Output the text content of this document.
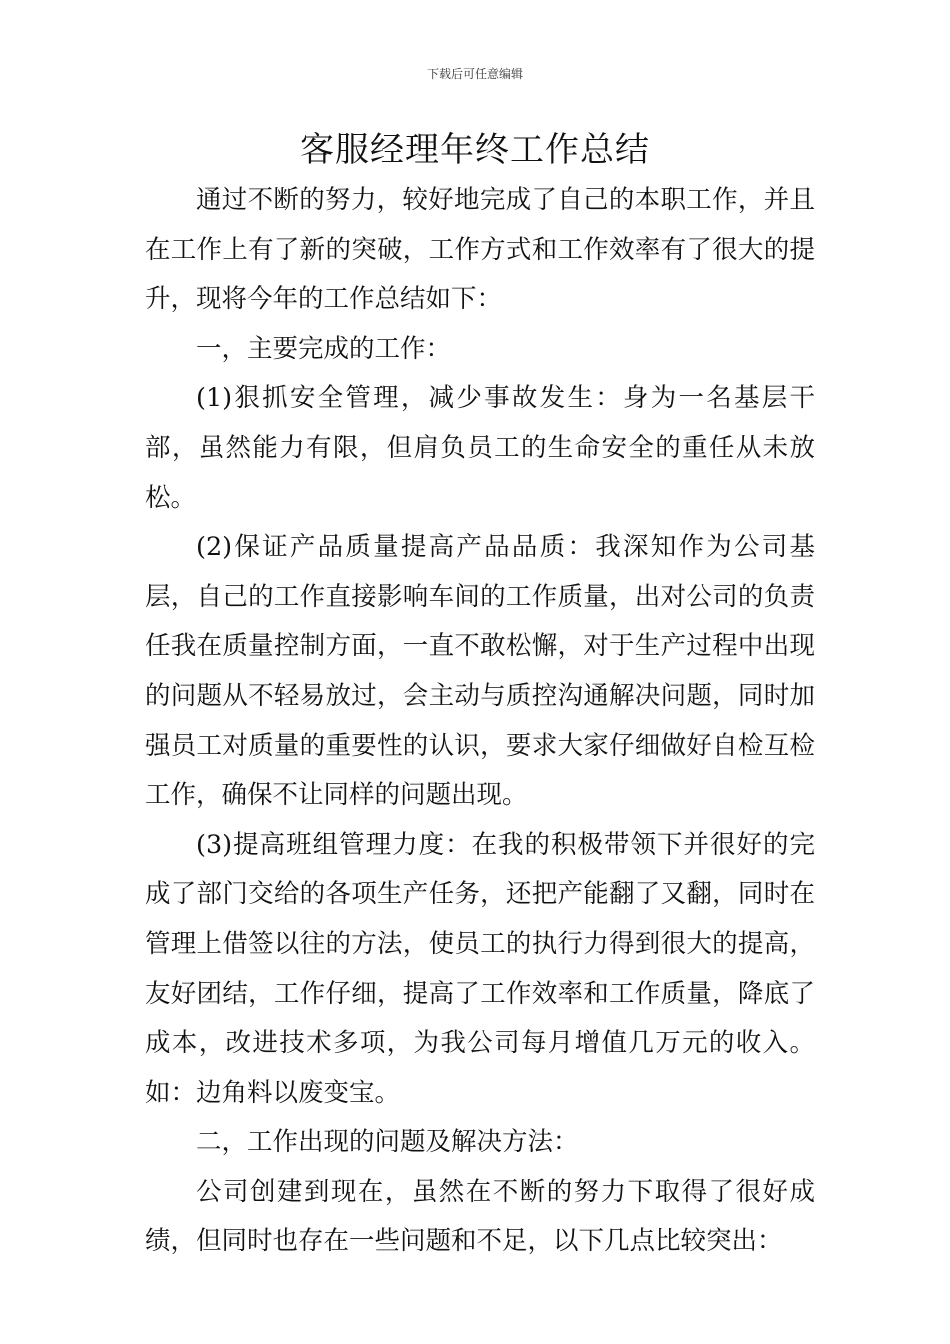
下载后可任意编辑
客服经理年终工作总结

通过不断的努力，较好地完成了自己的本职工作，并且在工作上有了新的突破，工作方式和工作效率有了很大的提升，现将今年的工作总结如下：

一，主要完成的工作：

(1)狠抓安全管理，减少事故发生：身为一名基层干部，虽然能力有限，但肩负员工的生命安全的重任从未放松。

(2)保证产品质量提高产品品质：我深知作为公司基层，自己的工作直接影响车间的工作质量，出对公司的负责任我在质量控制方面，一直不敢松懈，对于生产过程中出现的问题从不轻易放过，会主动与质控沟通解决问题，同时加强员工对质量的重要性的认识，要求大家仔细做好自检互检工作，确保不让同样的问题出现。

(3)提高班组管理力度：在我的积极带领下并很好的完成了部门交给的各项生产任务，还把产能翻了又翻，同时在管理上借签以往的方法，使员工的执行力得到很大的提高，友好团结，工作仔细，提高了工作效率和工作质量，降底了成本，改进技术多项，为我公司每月增值几万元的收入。如：边角料以废变宝。

二，工作出现的问题及解决方法：

公司创建到现在，虽然在不断的努力下取得了很好成绩，但同时也存在一些问题和不足，以下几点比较突出：
